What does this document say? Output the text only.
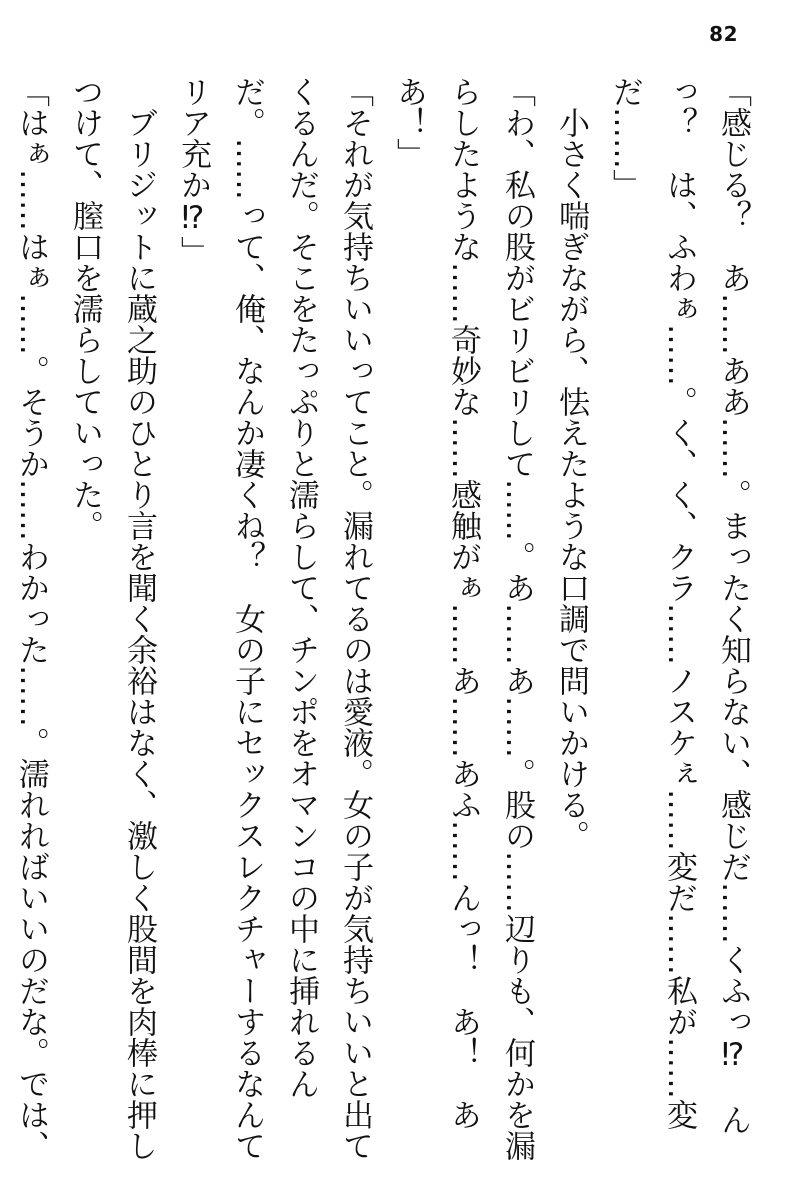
82

「感じる？　あ……ああ……。まったく知らない、感じだ……くふっ⁉　んっ？　は、ふわぁ……。く、く、クラ……ノスケぇ……変だ……私が……変だ……」

小さく喘ぎながら、怯えたような口調で問いかける。

「わ、私の股がビリビリして……。あ……あ……。股の……辺りも、何かを漏らしたような……奇妙な……感触がぁ……あ……あふ……んっ！　あ！　ああ！」

「それが気持ちいいってこと。漏れてるのは愛液。女の子が気持ちいいと出てくるんだ。そこをたっぷりと濡らして、チンポをオマンコの中に挿れるんだ。……って、俺、なんか凄くね？　女の子にセックスレクチャーするなんてリア充か⁉」

ブリジットに蔵之助のひとり言を聞く余裕はなく、激しく股間を肉棒に押しつけて、膣口を濡らしていった。

「はぁ……はぁ……。そうか……わかった……。濡れればいいのだな。では、
